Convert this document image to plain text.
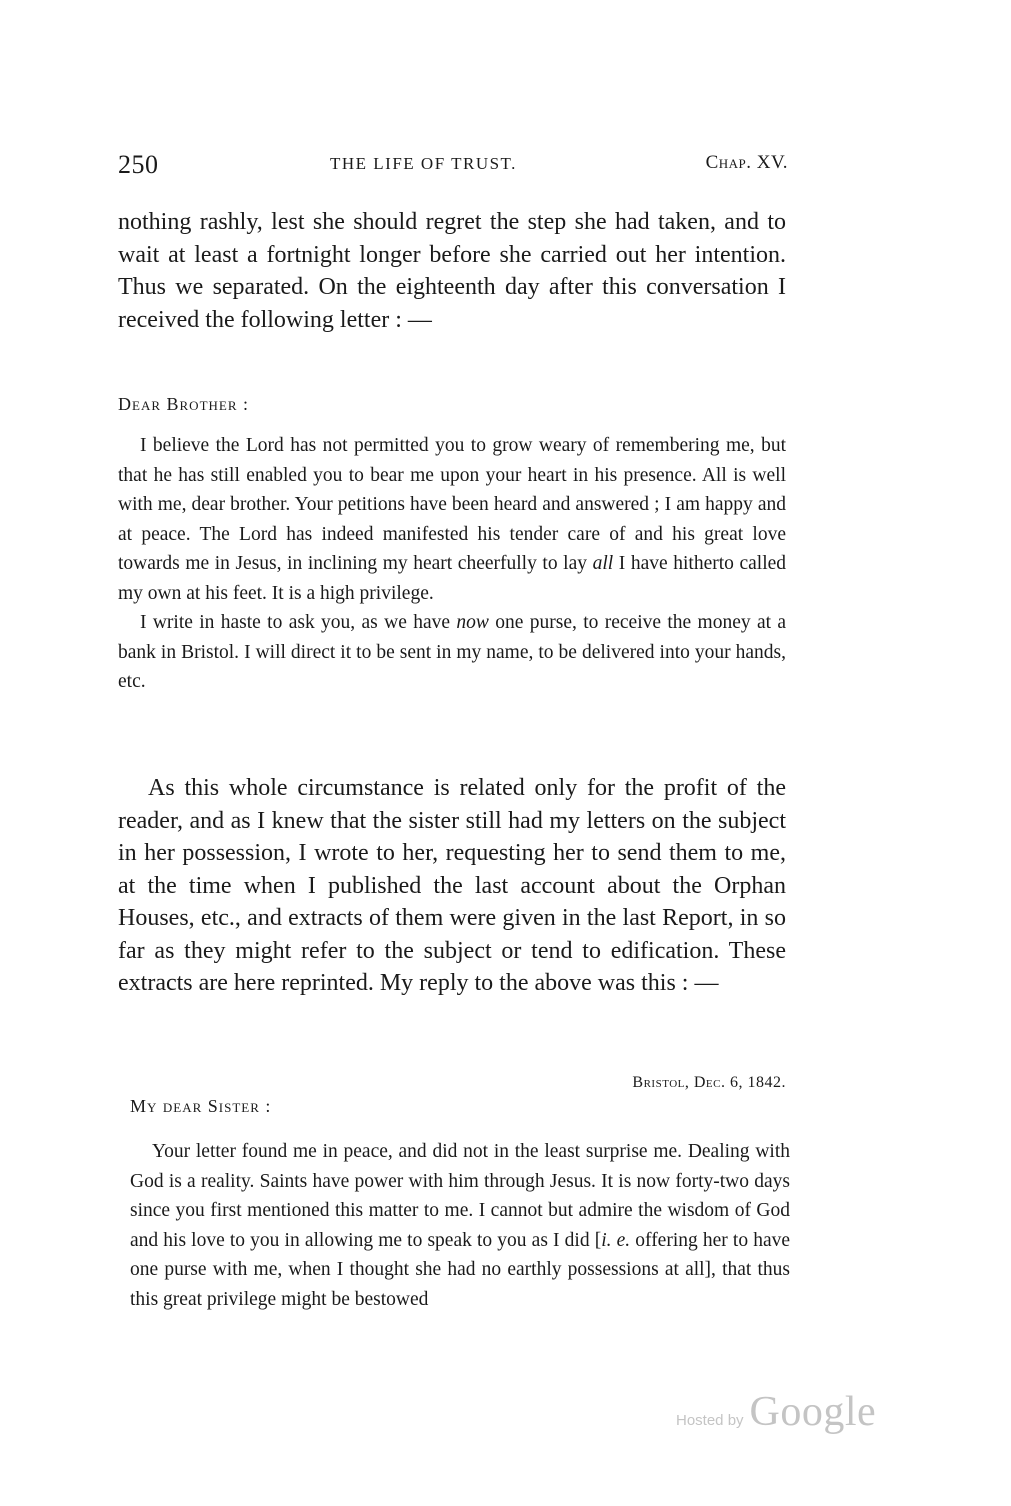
250	THE LIFE OF TRUST.	Chap. XV.

nothing rashly, lest she should regret the step she had taken, and to wait at least a fortnight longer before she carried out her intention. Thus we separated. On the eighteenth day after this conversation I received the following letter : —

Dear Brother :

I believe the Lord has not permitted you to grow weary of remembering me, but that he has still enabled you to bear me upon your heart in his presence. All is well with me, dear brother. Your petitions have been heard and answered ; I am happy and at peace. The Lord has indeed manifested his tender care of and his great love towards me in Jesus, in inclining my heart cheerfully to lay all I have hitherto called my own at his feet. It is a high privilege.

I write in haste to ask you, as we have now one purse, to receive the money at a bank in Bristol. I will direct it to be sent in my name, to be delivered into your hands, etc.

As this whole circumstance is related only for the profit of the reader, and as I knew that the sister still had my letters on the subject in her possession, I wrote to her, requesting her to send them to me, at the time when I published the last account about the Orphan Houses, etc., and extracts of them were given in the last Report, in so far as they might refer to the subject or tend to edification. These extracts are here reprinted. My reply to the above was this : —

Bristol, Dec. 6, 1842.

My dear Sister :

Your letter found me in peace, and did not in the least surprise me. Dealing with God is a reality. Saints have power with him through Jesus. It is now forty-two days since you first mentioned this matter to me. I cannot but admire the wisdom of God and his love to you in allowing me to speak to you as I did [i. e. offering her to have one purse with me, when I thought she had no earthly possessions at all], that thus this great privilege might be bestowed

Hosted by Google
